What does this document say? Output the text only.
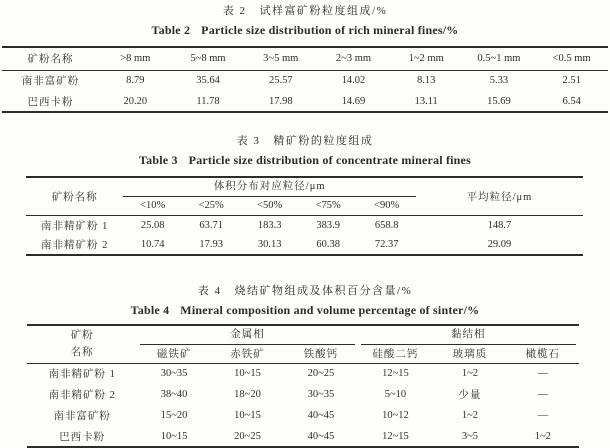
表 2 试样富矿粉粒度组成/%
Table 2 Particle size distribution of rich mineral fines/%
矿粉名称	>8 mm	5~8 mm	3~5 mm	2~3 mm	1~2 mm	0.5~1 mm	<0.5 mm
南非富矿粉	8.79	35.64	25.57	14.02	8.13	5.33	2.51
巴西卡粉	20.20	11.78	17.98	14.69	13.11	15.69	6.54
表 3 精矿粉的粒度组成
Table 3 Particle size distribution of concentrate mineral fines
矿粉名称	体积分布对应粒径/μm					平均粒径/μm
	<10%	<25%	<50%	<75%	<90%	
南非精矿粉 1	25.08	63.71	183.3	383.9	658.8	148.7
南非精矿粉 2	10.74	17.93	30.13	60.38	72.37	29.09
表 4 烧结矿物组成及体积百分含量/%
Table 4 Mineral composition and volume percentage of sinter/%
矿粉
名称	金属相			黏结相		

	磁铁矿	赤铁矿	铁酸钙	硅酸二钙	玻璃质	橄榄石
南非精矿粉 1	30~35	10~15	20~25	12~15	1~2	—
南非精矿粉 2	38~40	18~20	30~35	5~10	少量	—
南非富矿粉	15~20	10~15	40~45	10~12	1~2	—
巴西卡粉	10~15	20~25	40~45	12~15	3~5	1~2
